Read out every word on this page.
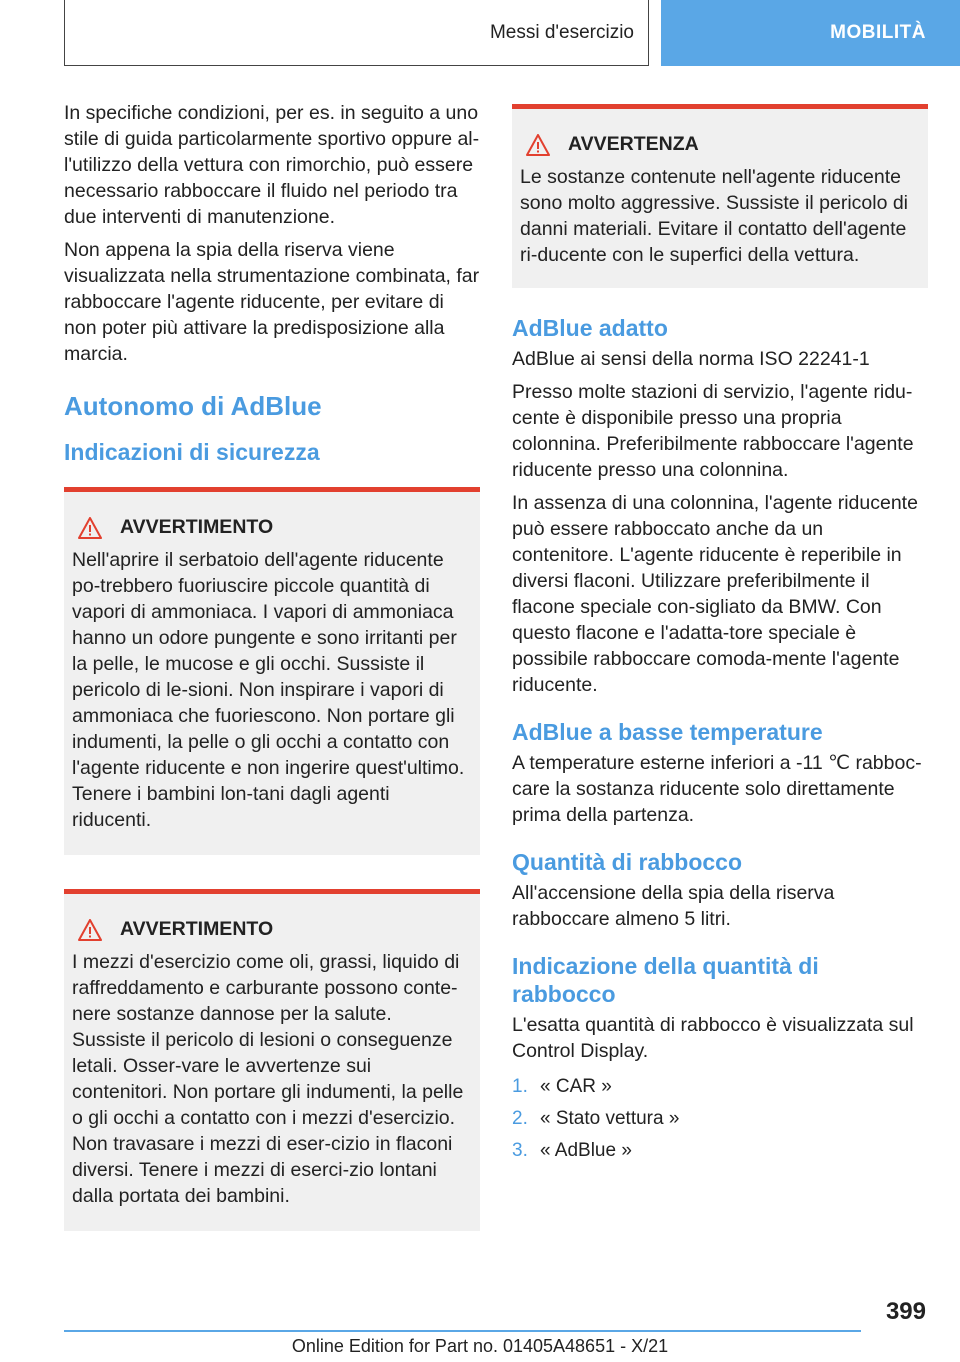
Messi d'esercizio	MOBILITÀ

In specifiche condizioni, per es. in seguito a uno stile di guida particolarmente sportivo oppure al-l'utilizzo della vettura con rimorchio, può essere necessario rabboccare il fluido nel periodo tra due interventi di manutenzione.

Non appena la spia della riserva viene visualizzata nella strumentazione combinata, far rabboccare l'agente riducente, per evitare di non poter più attivare la predisposizione alla marcia.

Autonomo di AdBlue
Indicazioni di sicurezza
AVVERTIMENTO

Nell'aprire il serbatoio dell'agente riducente po-trebbero fuoriuscire piccole quantità di vapori di ammoniaca. I vapori di ammoniaca hanno un odore pungente e sono irritanti per la pelle, le mucose e gli occhi. Sussiste il pericolo di le-sioni. Non inspirare i vapori di ammoniaca che fuoriescono. Non portare gli indumenti, la pelle o gli occhi a contatto con l'agente riducente e non ingerire quest'ultimo. Tenere i bambini lon-tani dagli agenti riducenti.

AVVERTIMENTO

I mezzi d'esercizio come oli, grassi, liquido di raffreddamento e carburante possono conte-nere sostanze dannose per la salute. Sussiste il pericolo di lesioni o conseguenze letali. Osser-vare le avvertenze sui contenitori. Non portare gli indumenti, la pelle o gli occhi a contatto con i mezzi d'esercizio. Non travasare i mezzi di eser-cizio in flaconi diversi. Tenere i mezzi di eserci-zio lontani dalla portata dei bambini.

AVVERTENZA

Le sostanze contenute nell'agente riducente sono molto aggressive. Sussiste il pericolo di danni materiali. Evitare il contatto dell'agente ri-ducente con le superfici della vettura.

AdBlue adatto

AdBlue ai sensi della norma ISO 22241-1

Presso molte stazioni di servizio, l'agente ridu-cente è disponibile presso una propria colonnina. Preferibilmente rabboccare l'agente riducente presso una colonnina.

In assenza di una colonnina, l'agente riducente può essere rabboccato anche da un contenitore. L'agente riducente è reperibile in diversi flaconi. Utilizzare preferibilmente il flacone speciale con-sigliato da BMW. Con questo flacone e l'adatta-tore speciale è possibile rabboccare comoda-mente l'agente riducente.

AdBlue a basse temperature

A temperature esterne inferiori a -11 ℃ rabboc-care la sostanza riducente solo direttamente prima della partenza.

Quantità di rabbocco

All'accensione della spia della riserva rabboccare almeno 5 litri.

Indicazione della quantità di rabbocco

L'esatta quantità di rabbocco è visualizzata sul Control Display.

1. « CAR »
2. « Stato vettura »
3. « AdBlue »
399
Online Edition for Part no. 01405A48651 - X/21
